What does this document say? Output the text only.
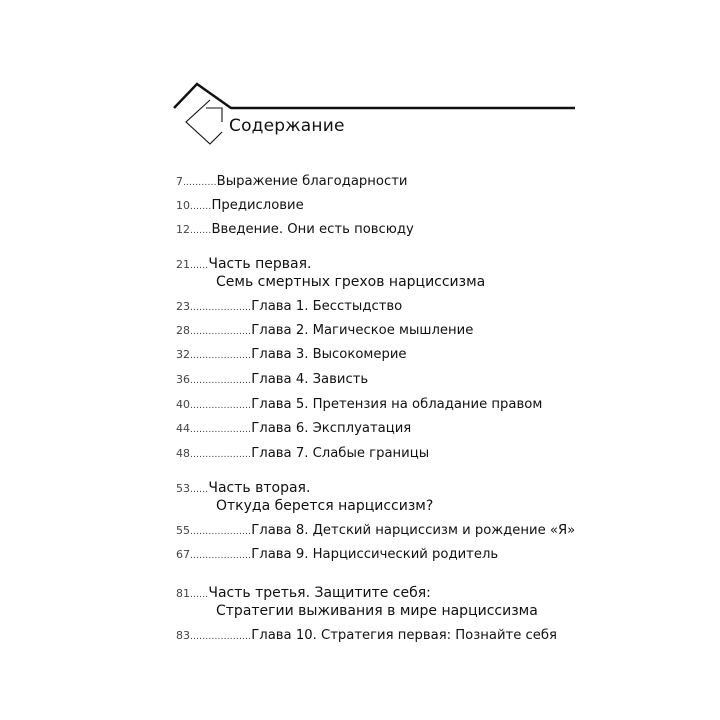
Содержание
7...........Выражение благодарности
10.......Предисловие
12.......Введение. Они есть повсюду
21......Часть первая.
Семь смертных грехов нарциссизма
23....................Глава 1. Бесстыдство
28....................Глава 2. Магическое мышление
32....................Глава 3. Высокомерие
36....................Глава 4. Зависть
40....................Глава 5. Претензия на обладание правом
44....................Глава 6. Эксплуатация
48....................Глава 7. Слабые границы
53......Часть вторая.
Откуда берется нарциссизм?
55....................Глава 8. Детский нарциссизм и рождение «Я»
67....................Глава 9. Нарциссический родитель
81......Часть третья. Защитите себя:
Стратегии выживания в мире нарциссизма
83....................Глава 10. Стратегия первая: Познайте себя
